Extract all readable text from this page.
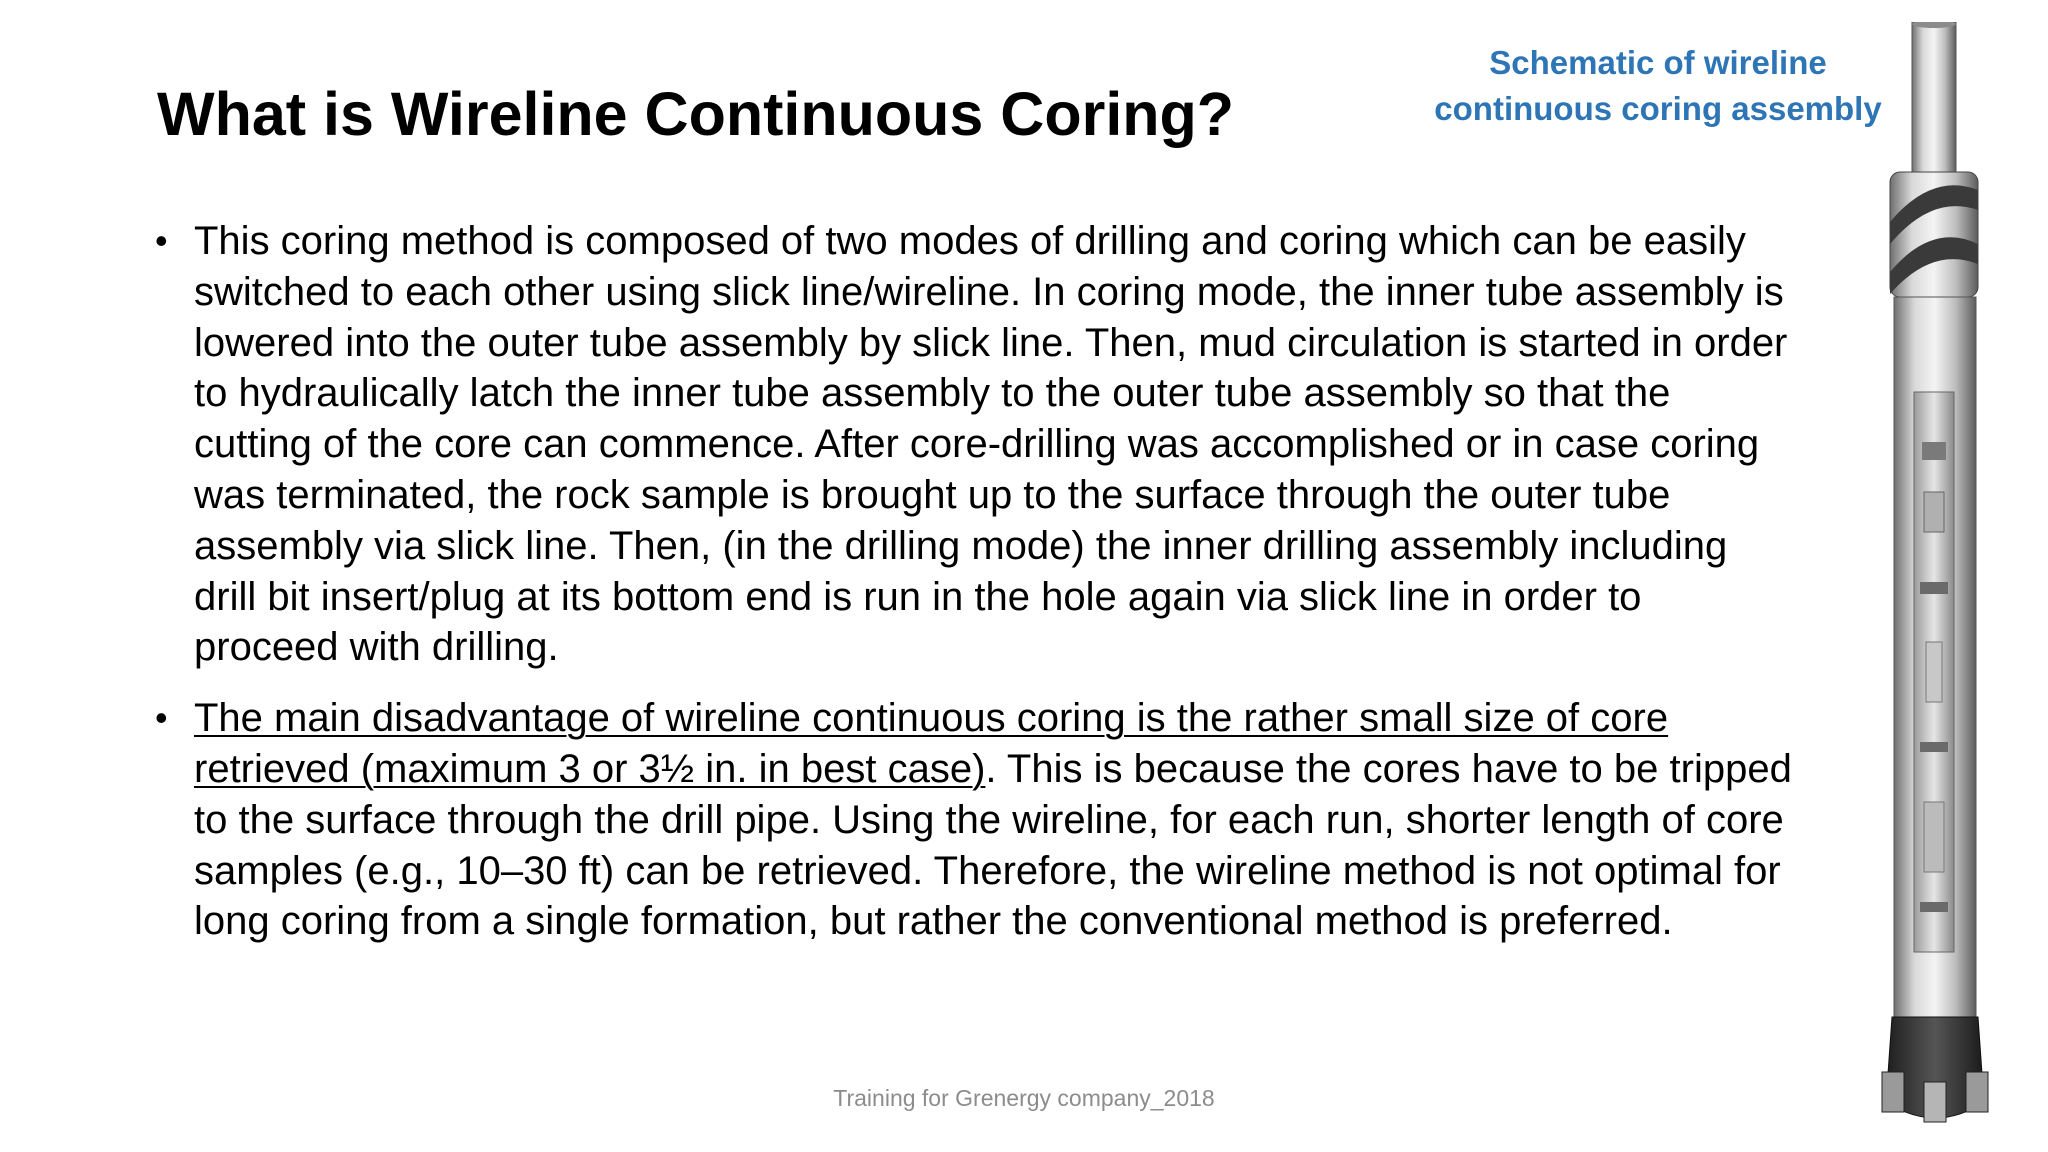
What is Wireline Continuous Coring?
Schematic of wireline
continuous coring assembly
• This coring method is composed of two modes of drilling and coring which can be easily switched to each other using slick line/wireline. In coring mode, the inner tube assembly is lowered into the outer tube assembly by slick line. Then, mud circulation is started in order to hydraulically latch the inner tube assembly to the outer tube assembly so that the cutting of the core can commence. After core-drilling was accomplished or in case coring was terminated, the rock sample is brought up to the surface through the outer tube assembly via slick line. Then, (in the drilling mode) the inner drilling assembly including drill bit insert/plug at its bottom end is run in the hole again via slick line in order to proceed with drilling.
• The main disadvantage of wireline continuous coring is the rather small size of core retrieved (maximum 3 or 3½ in. in best case). This is because the cores have to be tripped to the surface through the drill pipe. Using the wireline, for each run, shorter length of core samples (e.g., 10–30 ft) can be retrieved. Therefore, the wireline method is not optimal for long coring from a single formation, but rather the conventional method is preferred.
Training for Grenergy company_2018
